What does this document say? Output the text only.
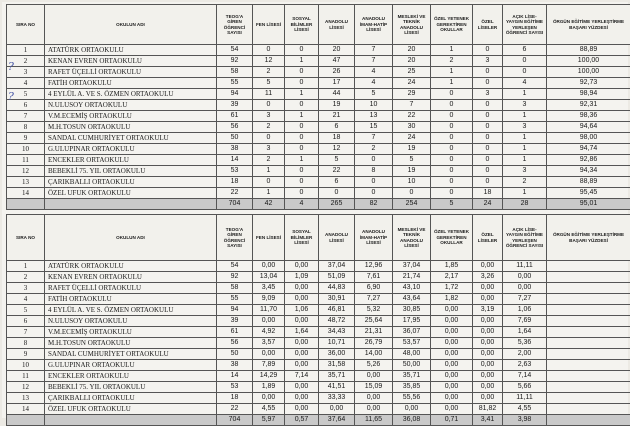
SIRA NO	OKULUN ADI	TEOG'A GİREN ÖĞRENCİ SAYISI	FEN LİSESİ	SOSYAL BİLİMLER LİSESİ	ANADOLU LİSESİ	ANADOLU İMAM-HATİP LİSESİ	MESLEKİ VE TEKNİK ANADOLU LİSESİ	ÖZEL YETENEK GEREKTİREN OKULLAR	ÖZEL LİSELER	AÇIK LİSE-YAYGIN EĞİTİME YERLEŞEN ÖĞRENCİ SAYISI	ÖRGÜN EĞİTİME YERLEŞTİRME BAŞARI YÜZDESİ
1	ATATÜRK ORTAOKULU	54	0	0	20	7	20	1	0	6	88,89
2	KENAN EVREN ORTAOKULU	92	12	1	47	7	20	2	3	0	100,00
3	RAFET ÜÇELLİ ORTAOKULU	58	2	0	26	4	25	1	0	0	100,00
4	FATİH ORTAOKULU	55	5	0	17	4	24	1	0	4	92,73
5	4 EYLÜL A. VE S. ÖZMEN ORTAOKULU	94	11	1	44	5	29	0	3	1	98,94
6	N.ULUSOY ORTAOKULU	39	0	0	19	10	7	0	0	3	92,31
7	V.M.ECEMİŞ ORTAOKULU	61	3	1	21	13	22	0	0	1	98,36
8	M.H.TOSUN ORTAOKULU	56	2	0	6	15	30	0	0	3	94,64
9	SANDAL CUMHURİYET ORTAOKULU	50	0	0	18	7	24	0	0	1	98,00
10	G.ULUPINAR ORTAOKULU	38	3	0	12	2	19	0	0	1	94,74
11	ENCEKLER ORTAOKULU	14	2	1	5	0	5	0	0	1	92,86
12	BEBEKLİ 75. YIL ORTAOKULU	53	1	0	22	8	19	0	0	3	94,34
13	ÇARIKBALLI ORTAOKULU	18	0	0	6	0	10	0	0	2	88,89
14	ÖZEL UFUK ORTAOKULU	22	1	0	0	0	0	0	18	1	95,45
		704	42	4	265	82	254	5	24	28	95,01
SIRA NO	OKULUN ADI	TEOG'A GİREN ÖĞRENCİ SAYISI	FEN LİSESİ	SOSYAL BİLİMLER LİSESİ	ANADOLU LİSESİ	ANADOLU İMAM-HATİP LİSESİ	MESLEKİ VE TEKNİK ANADOLU LİSESİ	ÖZEL YETENEK GEREKTİREN OKULLAR	ÖZEL LİSELER	AÇIK LİSE-YAYGIN EĞİTİME YERLEŞEN ÖĞRENCİ SAYISI	ÖRGÜN EĞİTİME YERLEŞTİRME BAŞARI YÜZDESİ
1	ATATÜRK ORTAOKULU	54	0,00	0,00	37,04	12,96	37,04	1,85	0,00	11,11	
2	KENAN EVREN ORTAOKULU	92	13,04	1,09	51,09	7,61	21,74	2,17	3,26	0,00	
3	RAFET ÜÇELLİ ORTAOKULU	58	3,45	0,00	44,83	6,90	43,10	1,72	0,00	0,00	
4	FATİH ORTAOKULU	55	9,09	0,00	30,91	7,27	43,64	1,82	0,00	7,27	
5	4 EYLÜL A. VE S. ÖZMEN ORTAOKULU	94	11,70	1,06	46,81	5,32	30,85	0,00	3,19	1,06	
6	N.ULUSOY ORTAOKULU	39	0,00	0,00	48,72	25,64	17,95	0,00	0,00	7,69	
7	V.M.ECEMİŞ ORTAOKULU	61	4,92	1,64	34,43	21,31	36,07	0,00	0,00	1,64	
8	M.H.TOSUN ORTAOKULU	56	3,57	0,00	10,71	26,79	53,57	0,00	0,00	5,36	
9	SANDAL CUMHURİYET ORTAOKULU	50	0,00	0,00	36,00	14,00	48,00	0,00	0,00	2,00	
10	G.ULUPINAR ORTAOKULU	38	7,89	0,00	31,58	5,26	50,00	0,00	0,00	2,63	
11	ENCEKLER ORTAOKULU	14	14,29	7,14	35,71	0,00	35,71	0,00	0,00	7,14	
12	BEBEKLİ 75. YIL ORTAOKULU	53	1,89	0,00	41,51	15,09	35,85	0,00	0,00	5,66	
13	ÇARIKBALLI ORTAOKULU	18	0,00	0,00	33,33	0,00	55,56	0,00	0,00	11,11	
14	ÖZEL UFUK ORTAOKULU	22	4,55	0,00	0,00	0,00	0,00	0,00	81,82	4,55	
		704	5,97	0,57	37,64	11,65	36,08	0,71	3,41	3,98	
?
?
